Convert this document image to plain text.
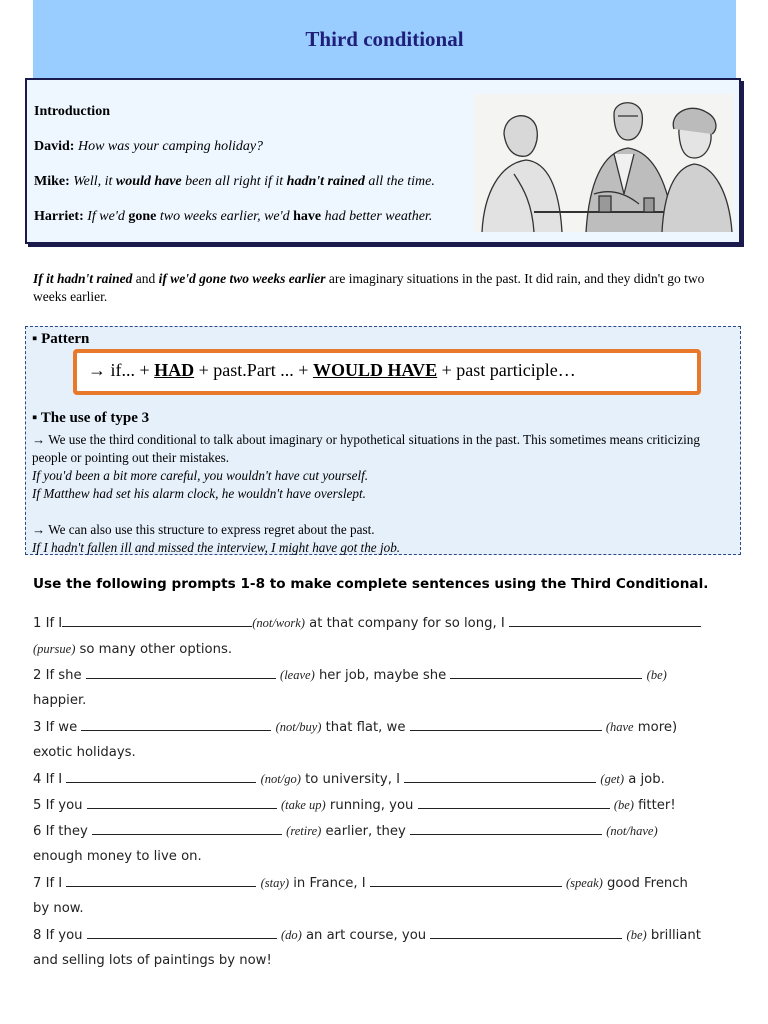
Third conditional

Introduction

David: How was your camping holiday?

Mike: Well, it would have been all right if it hadn't rained all the time.

Harriet: If we'd gone two weeks earlier, we'd have had better weather.

If it hadn't rained and if we'd gone two weeks earlier are imaginary situations in the past. It did rain, and they didn't go two weeks earlier.
▪ Pattern
→ if... + HAD + past.Part ... + WOULD HAVE + past participle…
▪ The use of type 3

→ We use the third conditional to talk about imaginary or hypothetical situations in the past. This sometimes means criticizing people or pointing out their mistakes.

If you'd been a bit more careful, you wouldn't have cut yourself.

If Matthew had set his alarm clock, he wouldn't have overslept.

→ We can also use this structure to express regret about the past.

If I hadn't fallen ill and missed the interview, I might have got the job.

Use the following prompts 1-8 to make complete sentences using the Third Conditional.
1 If I	(not/work) at that company for so long, I
(pursue) so many other options.
2 If she	(leave) her job, maybe she	(be)
happier.
3 If we	(not/buy) that flat, we	(have more)
exotic holidays.
4 If I	(not/go) to university, I	(get) a job.
5 If you	(take up) running, you	(be) fitter!
6 If they	(retire) earlier, they	(not/have)
enough money to live on.
7 If I	(stay) in France, I	(speak) good French
by now.
8 If you	(do) an art course, you	(be) brilliant
and selling lots of paintings by now!
